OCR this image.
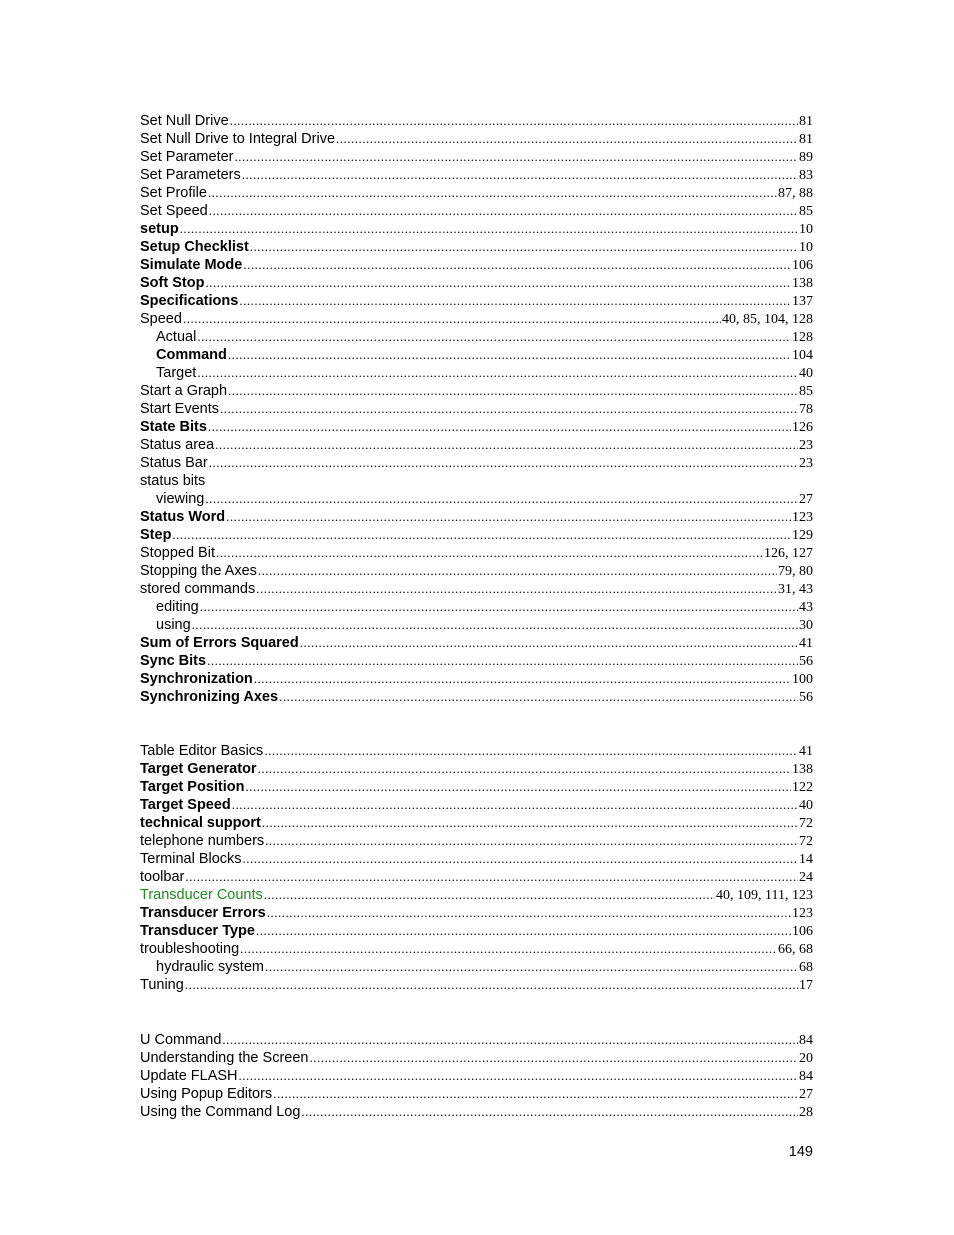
Set Null Drive .....	81
Set Null Drive to Integral Drive .....	81
Set Parameter .....	89
Set Parameters .....	83
Set Profile .....	87, 88
Set Speed .....	85
setup .....	10
Setup Checklist .....	10
Simulate Mode .....	106
Soft Stop .....	138
Specifications .....	137
Speed .....	40, 85, 104, 128
Actual .....	128
Command .....	104
Target .....	40
Start a Graph .....	85
Start Events .....	78
State Bits .....	126
Status area .....	23
Status Bar .....	23
status bits
viewing .....	27
Status Word .....	123
Step .....	129
Stopped Bit .....	126, 127
Stopping the Axes .....	79, 80
stored commands .....	31, 43
editing .....	43
using .....	30
Sum of Errors Squared .....	41
Sync Bits .....	56
Synchronization .....	100
Synchronizing Axes .....	56
Table Editor Basics .....	41
Target Generator .....	138
Target Position .....	122
Target Speed .....	40
technical support .....	72
telephone numbers .....	72
Terminal Blocks .....	14
toolbar .....	24
Transducer Counts .....	40, 109, 111, 123
Transducer Errors .....	123
Transducer Type .....	106
troubleshooting .....	66, 68
hydraulic system .....	68
Tuning .....	17
U Command .....	84
Understanding the Screen .....	20
Update FLASH .....	84
Using Popup Editors .....	27
Using the Command Log .....	28
149
